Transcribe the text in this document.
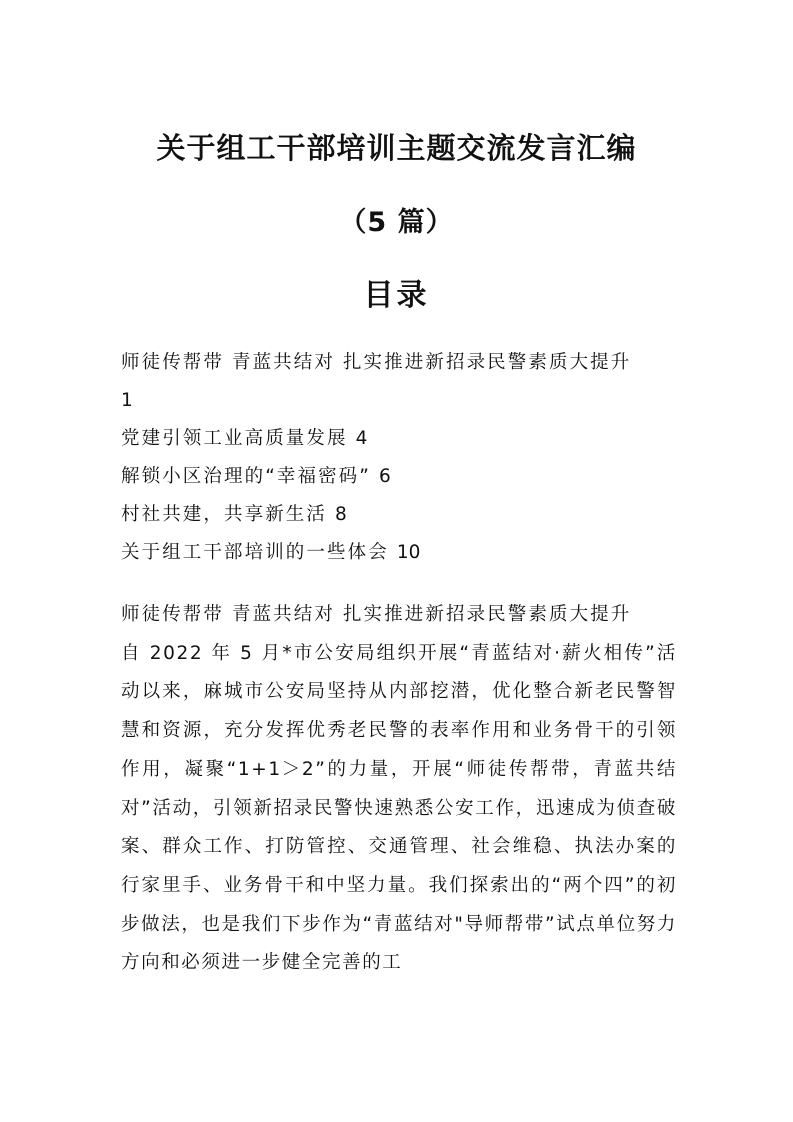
关于组工干部培训主题交流发言汇编
（5 篇）
目录
师徒传帮带 青蓝共结对 扎实推进新招录民警素质大提升
1
党建引领工业高质量发展 4
解锁小区治理的“幸福密码” 6
村社共建，共享新生活 8
关于组工干部培训的一些体会 10
师徒传帮带 青蓝共结对 扎实推进新招录民警素质大提升
自 2022 年 5 月*市公安局组织开展“青蓝结对·薪火相传”活动以来，麻城市公安局坚持从内部挖潜，优化整合新老民警智慧和资源，充分发挥优秀老民警的表率作用和业务骨干的引领作用，凝聚“1+1＞2”的力量，开展“师徒传帮带，青蓝共结对”活动，引领新招录民警快速熟悉公安工作，迅速成为侦查破案、群众工作、打防管控、交通管理、社会维稳、执法办案的行家里手、业务骨干和中坚力量。我们探索出的“两个四”的初步做法，也是我们下步作为“青蓝结对"导师帮带”试点单位努力方向和必须进一步健全完善的工
